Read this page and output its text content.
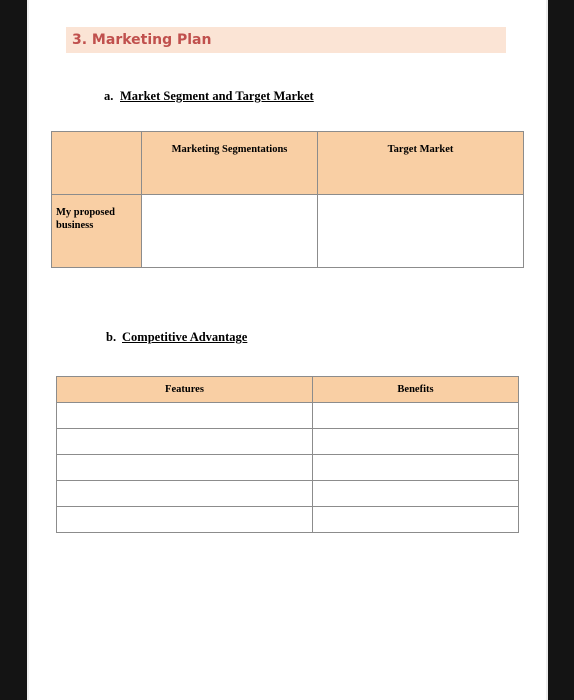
3. Marketing Plan
a. Market Segment and Target Market
	Marketing Segmentations	Target Market
My proposed business		
b. Competitive Advantage
Features	Benefits
